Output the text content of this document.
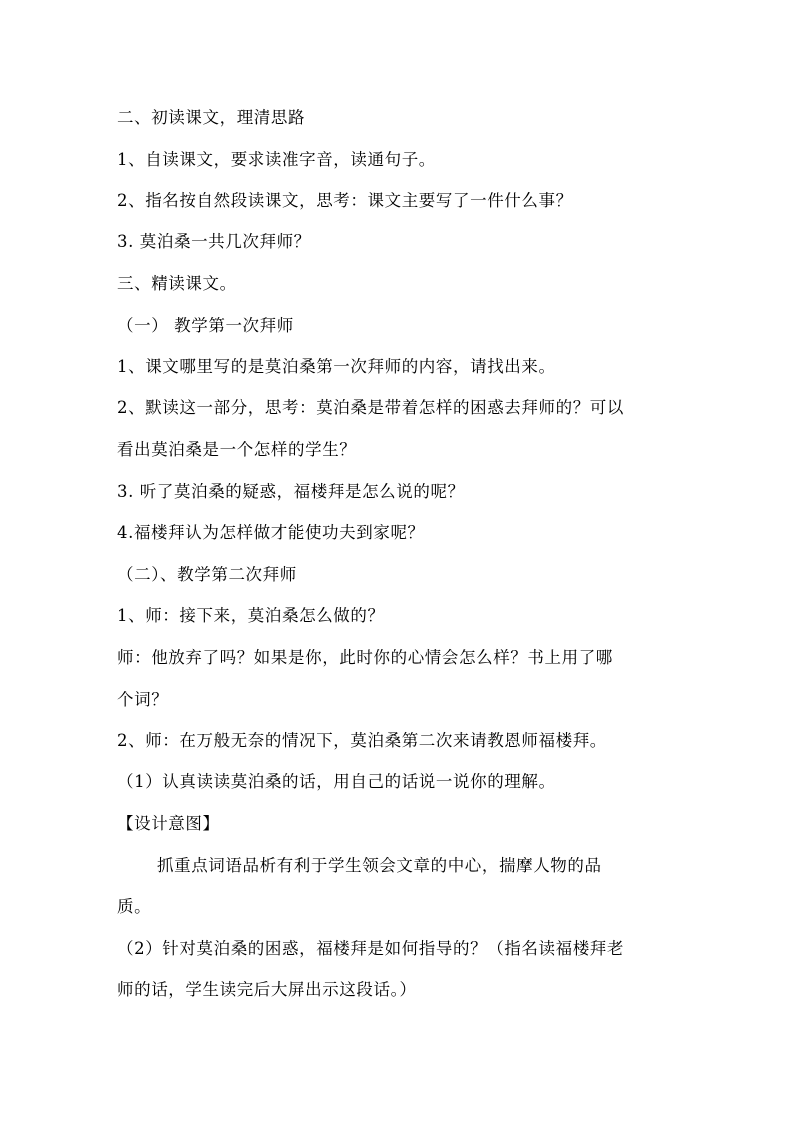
二、初读课文，理清思路
1、自读课文，要求读准字音，读通句子。
2、指名按自然段读课文，思考：课文主要写了一件什么事？
3. 莫泊桑一共几次拜师？
三、精读课文。
（一） 教学第一次拜师
1、课文哪里写的是莫泊桑第一次拜师的内容，请找出来。
2、默读这一部分，思考：莫泊桑是带着怎样的困惑去拜师的？可以
看出莫泊桑是一个怎样的学生？
3. 听了莫泊桑的疑惑，福楼拜是怎么说的呢？
4.福楼拜认为怎样做才能使功夫到家呢？
（二）、教学第二次拜师
1、师：接下来，莫泊桑怎么做的？
师：他放弃了吗？如果是你，此时你的心情会怎么样？书上用了哪
个词？
2、师：在万般无奈的情况下，莫泊桑第二次来请教恩师福楼拜。
（1）认真读读莫泊桑的话，用自己的话说一说你的理解。
【设计意图】
抓重点词语品析有利于学生领会文章的中心，揣摩人物的品
质。
（2）针对莫泊桑的困惑，福楼拜是如何指导的？（指名读福楼拜老
师的话，学生读完后大屏出示这段话。）
